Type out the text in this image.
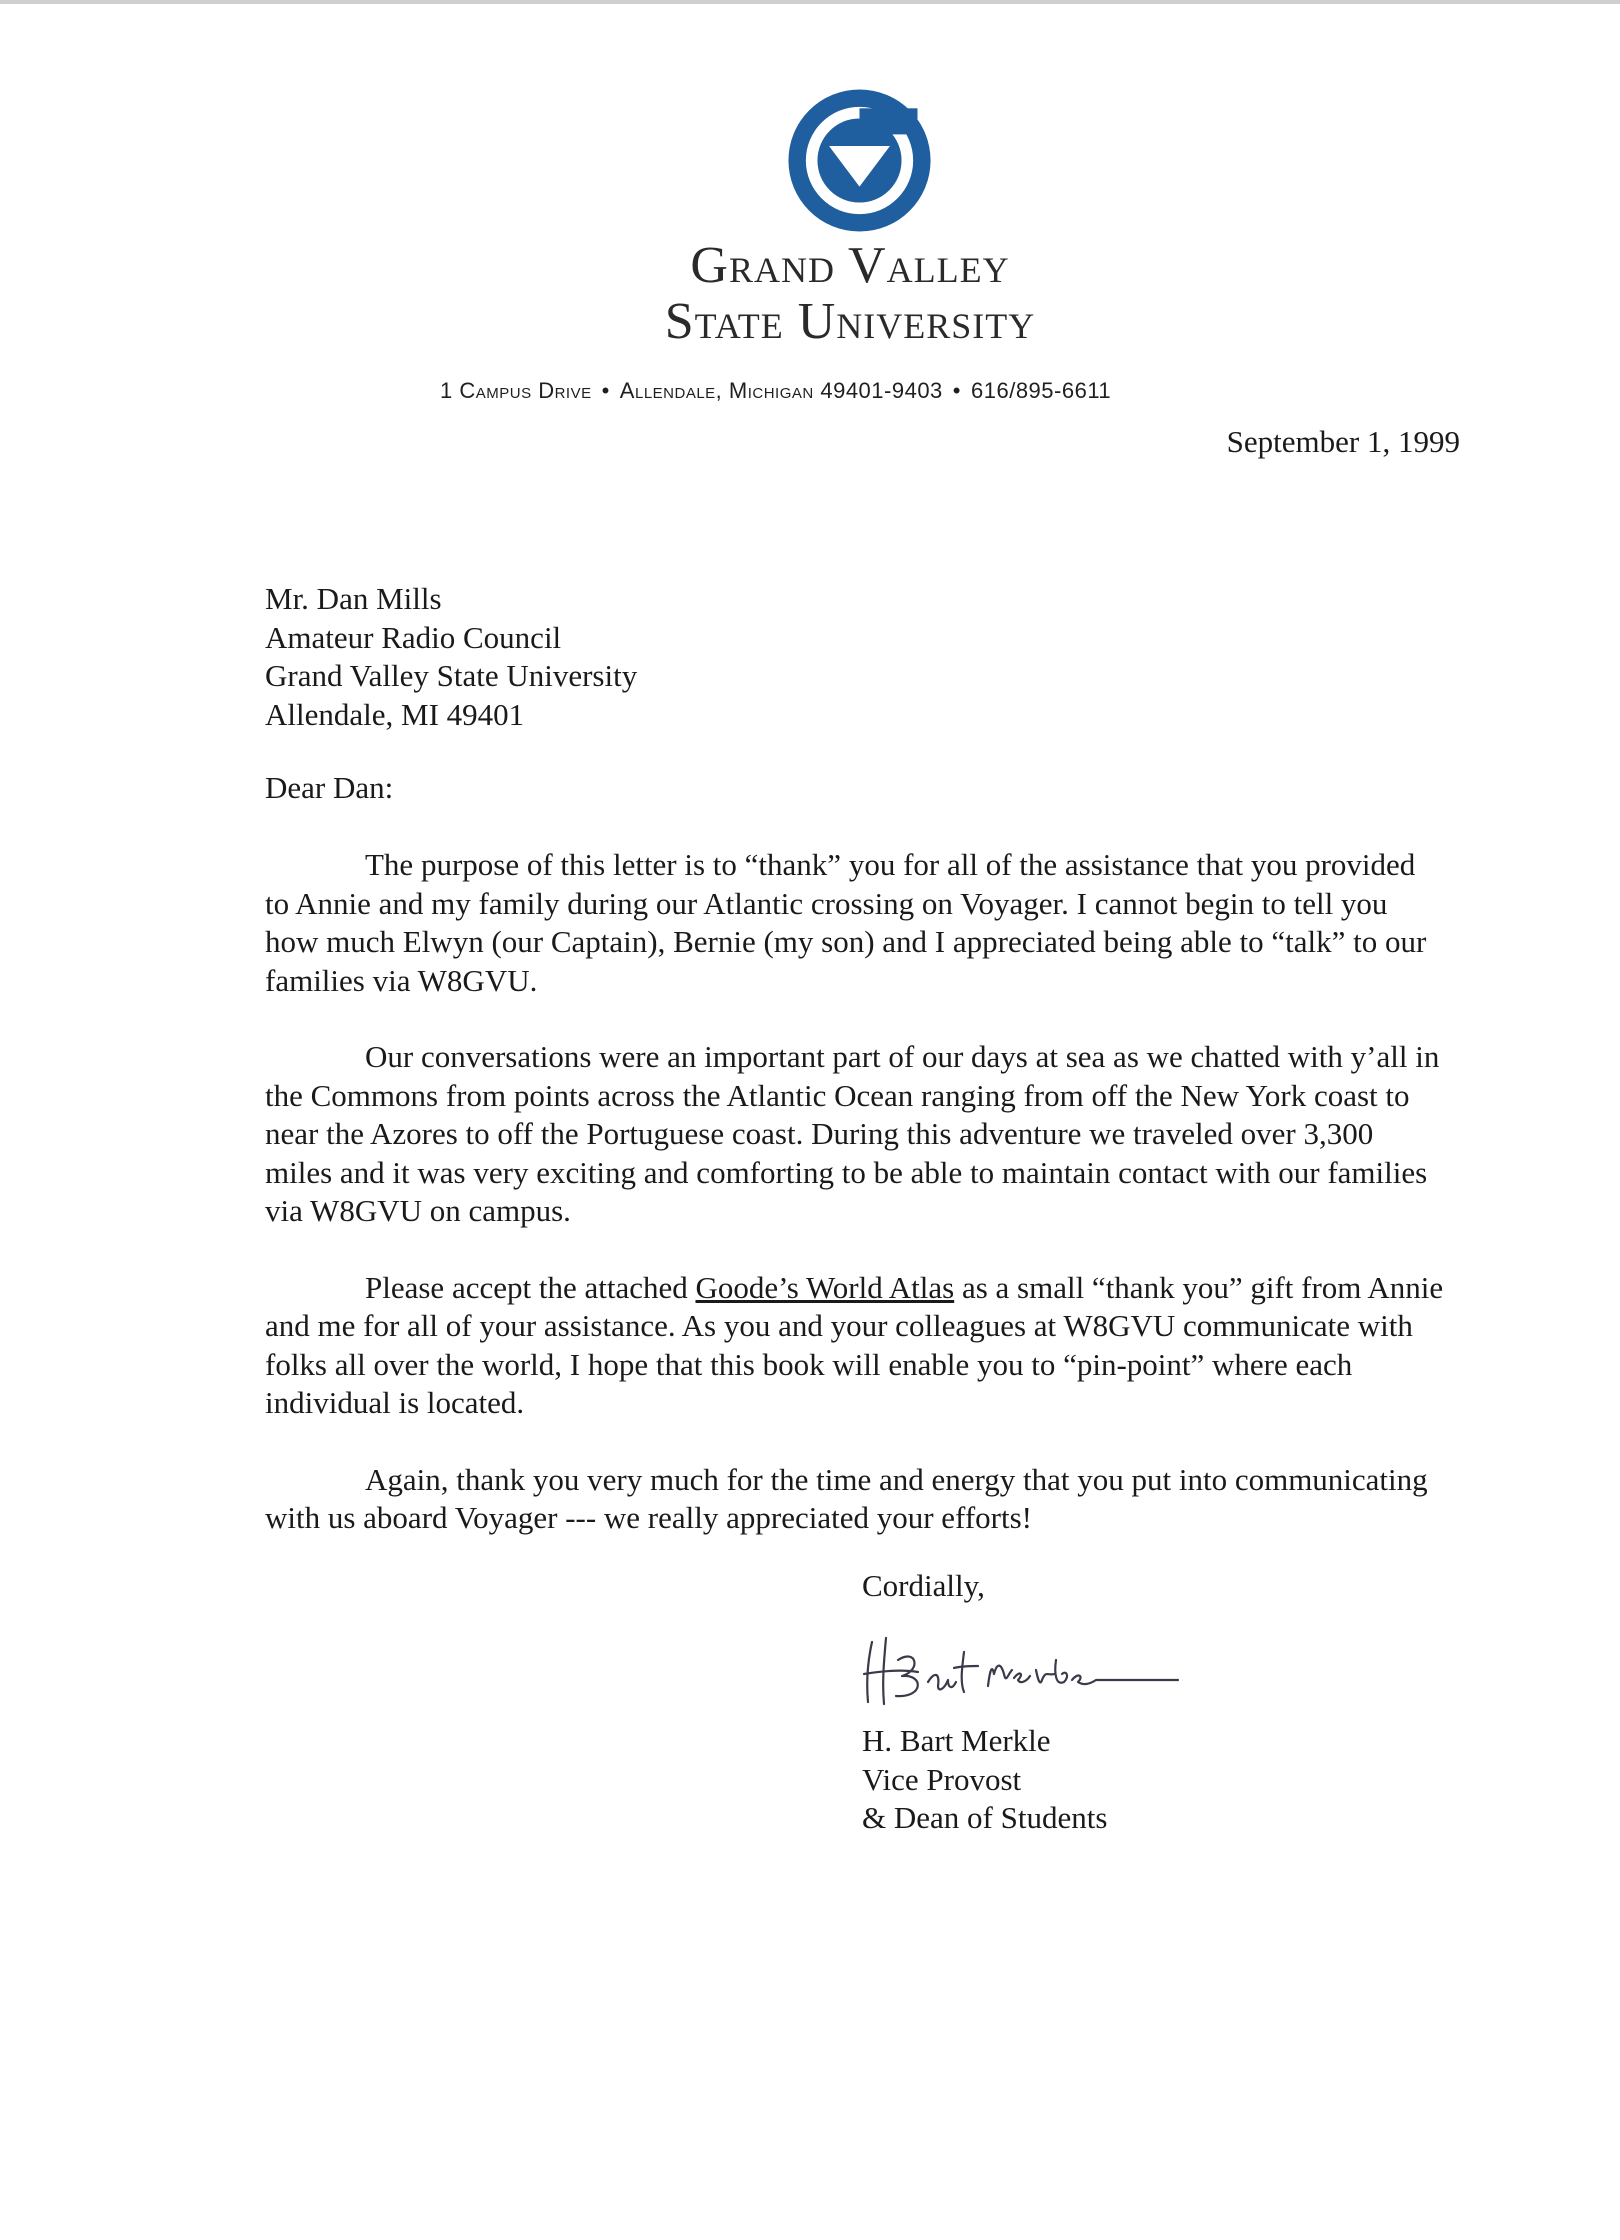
Grand Valley
State University
1 Campus Drive • Allendale, Michigan 49401-9403 • 616/895-6611
September 1, 1999
Mr. Dan Mills
Amateur Radio Council
Grand Valley State University
Allendale, MI 49401
Dear Dan:

The purpose of this letter is to “thank” you for all of the assistance that you provided to Annie and my family during our Atlantic crossing on Voyager. I cannot begin to tell you how much Elwyn (our Captain), Bernie (my son) and I appreciated being able to “talk” to our families via W8GVU.

Our conversations were an important part of our days at sea as we chatted with y’all in the Commons from points across the Atlantic Ocean ranging from off the New York coast to near the Azores to off the Portuguese coast. During this adventure we traveled over 3,300 miles and it was very exciting and comforting to be able to maintain contact with our families via W8GVU on campus.

Please accept the attached Goode’s World Atlas as a small “thank you” gift from Annie and me for all of your assistance. As you and your colleagues at W8GVU communicate with folks all over the world, I hope that this book will enable you to “pin-point” where each individual is located.

Again, thank you very much for the time and energy that you put into communicating with us aboard Voyager --- we really appreciated your efforts!

Cordially,
H. Bart Merkle
Vice Provost
& Dean of Students
